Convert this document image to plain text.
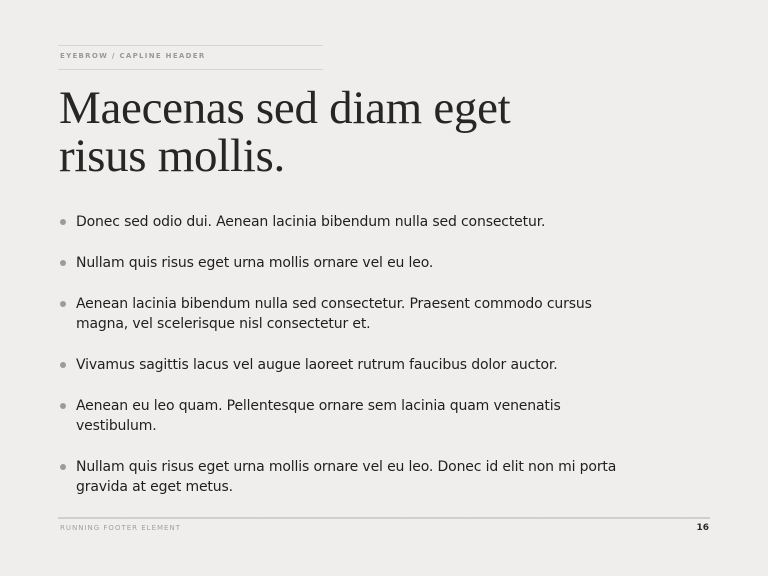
EYEBROW / CAPLINE HEADER
Maecenas sed diam eget
risus mollis.
Donec sed odio dui. Aenean lacinia bibendum nulla sed consectetur.
Nullam quis risus eget urna mollis ornare vel eu leo.
Aenean lacinia bibendum nulla sed consectetur. Praesent commodo cursus magna, vel scelerisque nisl consectetur et.
Vivamus sagittis lacus vel augue laoreet rutrum faucibus dolor auctor.
Aenean eu leo quam. Pellentesque ornare sem lacinia quam venenatis vestibulum.
Nullam quis risus eget urna mollis ornare vel eu leo. Donec id elit non mi porta gravida at eget metus.
RUNNING FOOTER ELEMENT	16
